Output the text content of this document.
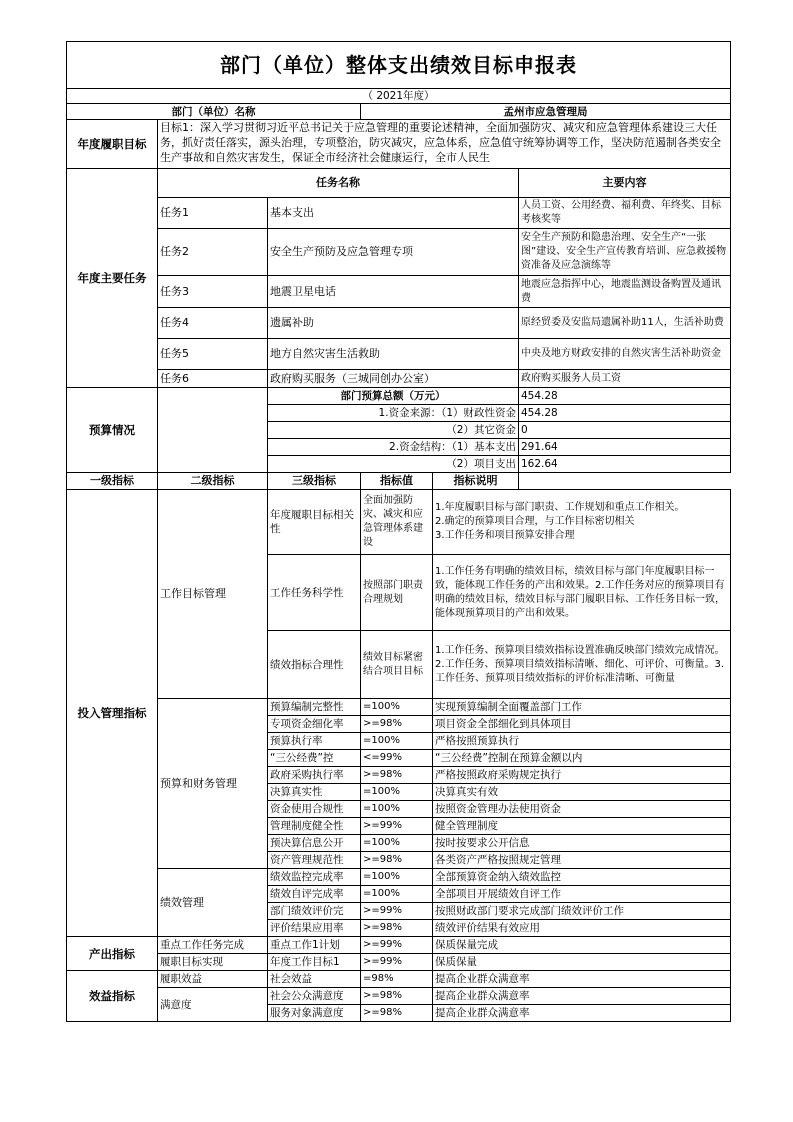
部门（单位）整体支出绩效目标申报表					
（ 2021年度）					
部门（单位）名称			孟州市应急管理局		
年度履职目标	目标1：深入学习贯彻习近平总书记关于应急管理的重要论述精神，全面加强防灾、减灾和应急管理体系建设三大任务，抓好责任落实，源头治理，专项整治，防灾减灾，应急体系，应急值守统筹协调等工作，坚决防范遏制各类安全生产事故和自然灾害发生，保证全市经济社会健康运行，全市人民生				

年度主要任务	任务名称				主要内容
	任务1	基本支出			人员工资、公用经费、福利费、年终奖、目标考核奖等
	任务2	安全生产预防及应急管理专项			安全生产预防和隐患治理、安全生产“一张图”建设、安全生产宣传教育培训、应急救援物资准备及应急演练等
	任务3	地震卫星电话			地震应急指挥中心，地震监测设备购置及通讯费
	任务4	遗属补助			原经贸委及安监局遗属补助11人，生活补助费
	任务5	地方自然灾害生活救助			中央及地方财政安排的自然灾害生活补助资金
	任务6	政府购买服务（三城同创办公室）			政府购买服务人员工资
预算情况		部门预算总额（万元）			454.28
		1.资金来源：（1）财政性资金			454.28
		（2）其它资金			0
		2.资金结构：（1）基本支出			291.64
		（2）项目支出			162.64
一级指标	二级指标	三级指标	指标值	指标说明	
投入管理指标	工作目标管理	年度履职目标相关性	全面加强防灾、减灾和应急管理体系建设	1.年度履职目标与部门职责、工作规划和重点工作相关。
2.确定的预算项目合理，与工作目标密切相关
3.工作任务和项目预算安排合理	
		工作任务科学性	按照部门职责合理规划	1.工作任务有明确的绩效目标，绩效目标与部门年度履职目标一致，能体现工作任务的产出和效果。2.工作任务对应的预算项目有明确的绩效目标，绩效目标与部门履职目标、工作任务目标一致，能体现预算项目的产出和效果。	
		绩效指标合理性	绩效目标紧密结合项目目标	1.工作任务、预算项目绩效指标设置准确反映部门绩效完成情况。2.工作任务、预算项目绩效指标清晰、细化、可评价、可衡量。3.工作任务、预算项目绩效指标的评价标准清晰、可衡量	
	预算和财务管理	预算编制完整性	=100%	实现预算编制全面覆盖部门工作	
		专项资金细化率	>=98%	项目资金全部细化到具体项目	
		预算执行率	=100%	严格按照预算执行	
		“三公经费”控	<=99%	“三公经费”控制在预算金额以内	
		政府采购执行率	>=98%	严格按照政府采购规定执行	
		决算真实性	=100%	决算真实有效	
		资金使用合规性	=100%	按照资金管理办法使用资金	
		管理制度健全性	>=99%	健全管理制度	
		预决算信息公开	=100%	按时按要求公开信息	
		资产管理规范性	>=98%	各类资产严格按照规定管理	
	绩效管理	绩效监控完成率	=100%	全部预算资金纳入绩效监控	
		绩效自评完成率	=100%	全部项目开展绩效自评工作	
		部门绩效评价完	>=99%	按照财政部门要求完成部门绩效评价工作	
		评价结果应用率	>=98%	绩效评价结果有效应用	
产出指标	重点工作任务完成	重点工作1计划	>=99%	保质保量完成	
	履职目标实现	年度工作目标1	>=99%	保质保量	
效益指标	履职效益	社会效益	=98%	提高企业群众满意率	
	满意度	社会公众满意度	>=98%	提高企业群众满意率	
		服务对象满意度	>=98%	提高企业群众满意率	
